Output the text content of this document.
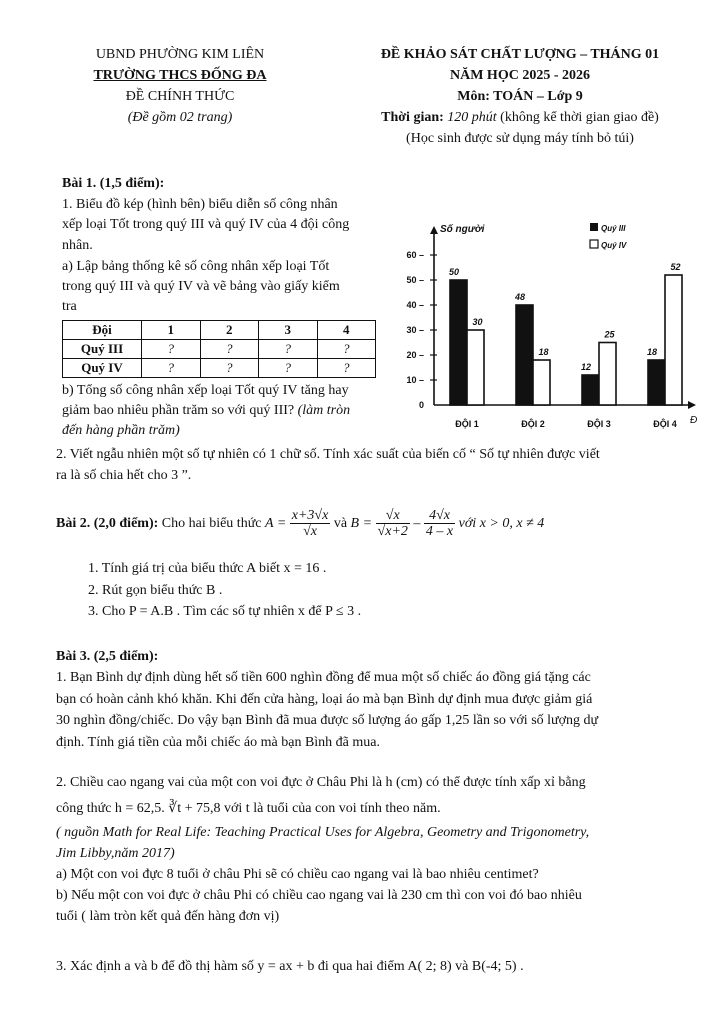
UBND PHƯỜNG KIM LIÊN
TRƯỜNG THCS ĐỐNG ĐA
ĐỀ CHÍNH THỨC
(Đề gồm 02 trang)
ĐỀ KHẢO SÁT CHẤT LƯỢNG – THÁNG 01
NĂM HỌC 2025 - 2026
Môn: TOÁN – Lớp 9
Thời gian: 120 phút (không kể thời gian giao đề)
(Học sinh được sử dụng máy tính bỏ túi)
Bài 1. (1,5 điểm):
1. Biểu đồ kép (hình bên) biểu diễn số công nhân
xếp loại Tốt trong quý III và quý IV của 4 đội công
nhân.
a) Lập bảng thống kê số công nhân xếp loại Tốt
trong quý III và quý IV và vẽ bảng vào giấy kiểm
tra
Đội	1	2	3	4
Quý III	?	?	?	?
Quý IV	?	?	?	?
b) Tổng số công nhân xếp loại Tốt quý IV tăng hay
giảm bao nhiêu phần trăm so với quý III? (làm tròn
đến hàng phần trăm)
2. Viết ngẫu nhiên một số tự nhiên có 1 chữ số. Tính xác suất của biến cố “ Số tự nhiên được viết
ra là số chia hết cho 3 ”.
Số người
Đ
0
10 –
20 –
30 –
40 –
50 –
60 –
50
30
ĐỘI 1
48
18
ĐỘI 2
12
25
ĐỘI 3
18
52
ĐỘI 4
Quý III
Quý IV
Bài 2. (2,0 điểm): Cho hai biểu thức $A = \frac{x+3√x}{√x}$ và $B = \frac{√x}{√x+2} - \frac{4√x}{4 - x}$ với x > 0, x ≠ 4
1. Tính giá trị của biểu thức A biết x = 16 .
2. Rút gọn biểu thức B .
3. Cho P = A.B . Tìm các số tự nhiên x để P ≤ 3 .
Bài 3. (2,5 điểm):
1. Bạn Bình dự định dùng hết số tiền 600 nghìn đồng để mua một số chiếc áo đồng giá tặng các
bạn có hoàn cảnh khó khăn. Khi đến cửa hàng, loại áo mà bạn Bình dự định mua được giảm giá
30 nghìn đồng/chiếc. Do vậy bạn Bình đã mua được số lượng áo gấp 1,25 lần so với số lượng dự
định. Tính giá tiền của mỗi chiếc áo mà bạn Bình đã mua.
2. Chiều cao ngang vai của một con voi đực ở Châu Phi là h (cm) có thể được tính xấp xỉ bằng
công thức h = 62,5. ∛t + 75,8 với t là tuổi của con voi tính theo năm.
( nguồn Math for Real Life: Teaching Practical Uses for Algebra, Geometry and Trigonometry,
Jim Libby,năm 2017)
a) Một con voi đực 8 tuổi ở châu Phi sẽ có chiều cao ngang vai là bao nhiêu centimet?
b) Nếu một con voi đực ở châu Phi có chiều cao ngang vai là 230 cm thì con voi đó bao nhiêu
tuổi ( làm tròn kết quả đến hàng đơn vị)
3. Xác định a và b để đồ thị hàm số y = ax + b đi qua hai điểm A( 2; 8) và B(-4; 5) .
